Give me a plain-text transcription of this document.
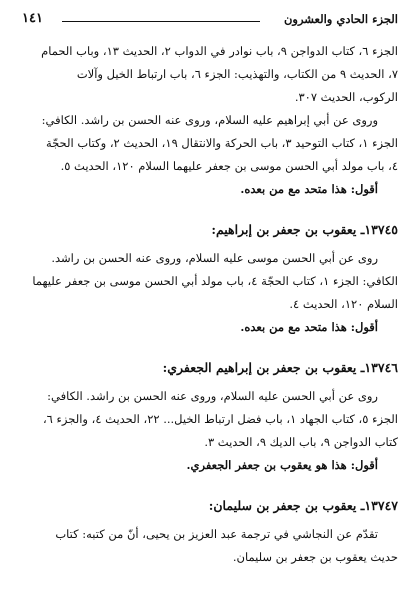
الجزء الحادي والعشرون
١٤١

الجزء ٦، كتاب الدواجن ٩، باب نوادر في الدواب ٢، الحديث ١٣، وباب الحمام

٧، الحديث ٩ من الكتاب، والتهذيب: الجزء ٦، باب ارتباط الخيل وآلات

الركوب، الحديث ٣٠٧.

وروى عن أبي إبراهيم عليه السلام، وروى عنه الحسن بن راشد. الكافي:

الجزء ١، كتاب التوحيد ٣، باب الحركة والانتقال ١٩، الحديث ٢، وكتاب الحجّة

٤، باب مولد أبي الحسن موسى بن جعفر عليهما السلام ١٢٠، الحديث ٥.

أقول: هذا متحد مع من بعده.
١٣٧٤٥ـ يعقوب بن جعفر بن إبراهيم:

روى عن أبي الحسن موسى عليه السلام، وروى عنه الحسن بن راشد.

الكافي: الجزء ١، كتاب الحجّة ٤، باب مولد أبي الحسن موسى بن جعفر عليهما

السلام ١٢٠، الحديث ٤.

أقول: هذا متحد مع من بعده.
١٣٧٤٦ـ يعقوب بن جعفر بن إبراهيم الجعفري:

روى عن أبي الحسن عليه السلام، وروى عنه الحسن بن راشد. الكافي:

الجزء ٥، كتاب الجهاد ١، باب فضل ارتباط الخيل... ٢٢، الحديث ٤، والجزء ٦،

كتاب الدواجن ٩، باب الديك ٩، الحديث ٣.

أقول: هذا هو يعقوب بن جعفر الجعفري.
١٣٧٤٧ـ يعقوب بن جعفر بن سليمان:

تقدّم عن النجاشي في ترجمة عبد العزيز بن يحيى، أنّ من كتبه: كتاب

حديث يعقوب بن جعفر بن سليمان.
